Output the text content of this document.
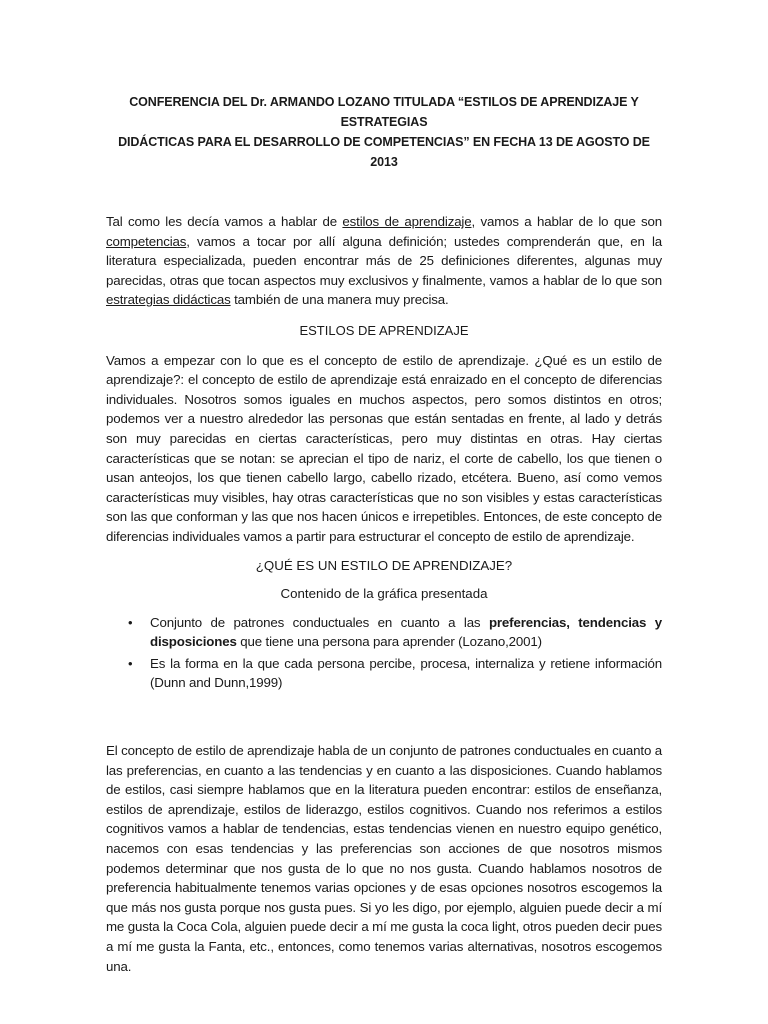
CONFERENCIA DEL Dr. ARMANDO LOZANO TITULADA “ESTILOS DE APRENDIZAJE Y ESTRATEGIAS
DIDÁCTICAS PARA EL DESARROLLO DE COMPETENCIAS” EN FECHA 13 DE AGOSTO DE 2013

Tal como les decía vamos a hablar de estilos de aprendizaje, vamos a hablar de lo que son competencias, vamos a tocar por allí alguna definición; ustedes comprenderán que, en la literatura especializada, pueden encontrar más de 25 definiciones diferentes, algunas muy parecidas, otras que tocan aspectos muy exclusivos y finalmente, vamos a hablar de lo que son estrategias didácticas también de una manera muy precisa.

ESTILOS DE APRENDIZAJE

Vamos a empezar con lo que es el concepto de estilo de aprendizaje. ¿Qué es un estilo de aprendizaje?: el concepto de estilo de aprendizaje está enraizado en el concepto de diferencias individuales. Nosotros somos iguales en muchos aspectos, pero somos distintos en otros; podemos ver a nuestro alrededor las personas que están sentadas en frente, al lado y detrás son muy parecidas en ciertas características, pero muy distintas en otras. Hay ciertas características que se notan: se aprecian el tipo de nariz, el corte de cabello, los que tienen o usan anteojos, los que tienen cabello largo, cabello rizado, etcétera. Bueno, así como vemos características muy visibles, hay otras características que no son visibles y estas características son las que conforman y las que nos hacen únicos e irrepetibles. Entonces, de este concepto de diferencias individuales vamos a partir para estructurar el concepto de estilo de aprendizaje.

¿QUÉ ES UN ESTILO DE APRENDIZAJE?
Contenido de la gráfica presentada
• Conjunto de patrones conductuales en cuanto a las preferencias, tendencias y disposiciones que tiene una persona para aprender (Lozano,2001)
• Es la forma en la que cada persona percibe, procesa, internaliza y retiene información (Dunn and Dunn,1999)

El concepto de estilo de aprendizaje habla de un conjunto de patrones conductuales en cuanto a las preferencias, en cuanto a las tendencias y en cuanto a las disposiciones. Cuando hablamos de estilos, casi siempre hablamos que en la literatura pueden encontrar: estilos de enseñanza, estilos de aprendizaje, estilos de liderazgo, estilos cognitivos. Cuando nos referimos a estilos cognitivos vamos a hablar de tendencias, estas tendencias vienen en nuestro equipo genético, nacemos con esas tendencias y las preferencias son acciones de que nosotros mismos podemos determinar que nos gusta de lo que no nos gusta. Cuando hablamos nosotros de preferencia habitualmente tenemos varias opciones y de esas opciones nosotros escogemos la que más nos gusta porque nos gusta pues. Si yo les digo, por ejemplo, alguien puede decir a mí me gusta la Coca Cola, alguien puede decir a mí me gusta la coca light, otros pueden decir pues a mí me gusta la Fanta, etc., entonces, como tenemos varias alternativas, nosotros escogemos una.
